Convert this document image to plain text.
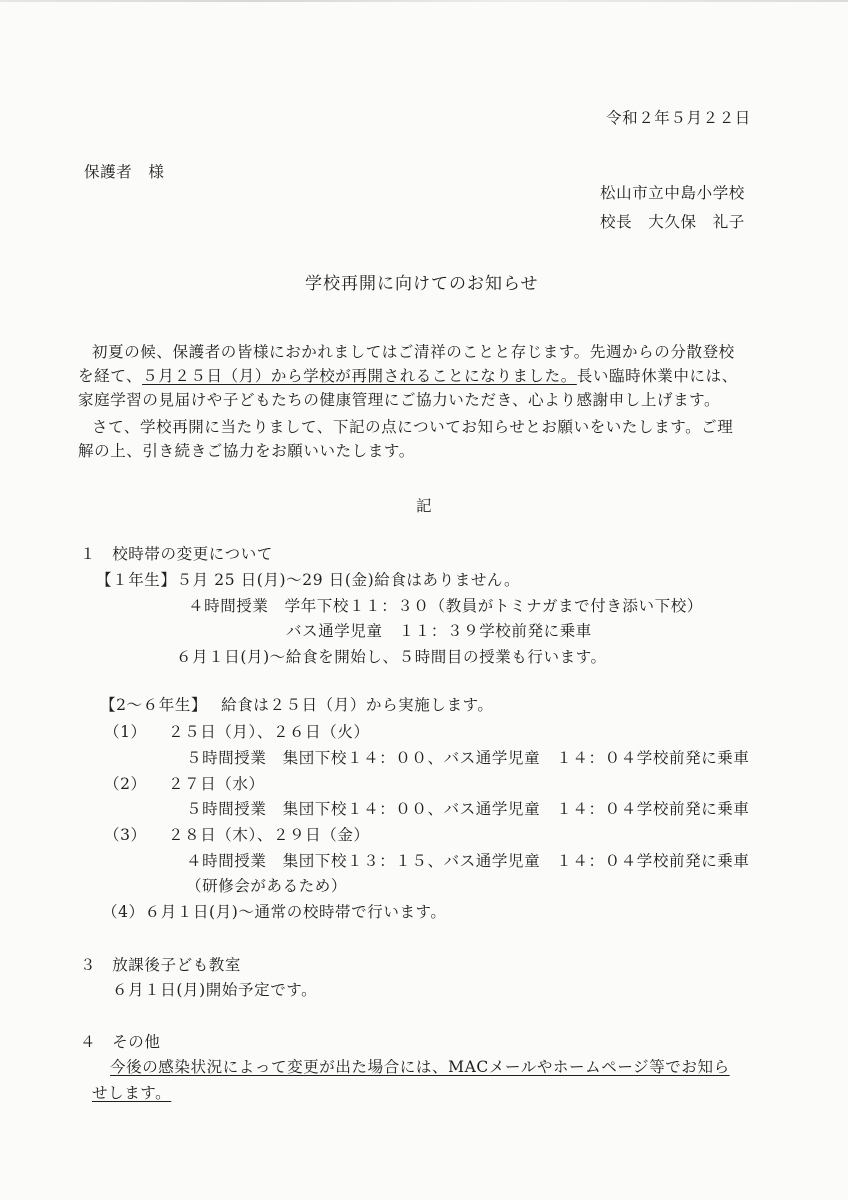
令和２年５月２２日
保護者　様
松山市立中島小学校
校長　大久保　礼子
学校再開に向けてのお知らせ
初夏の候、保護者の皆様におかれましてはご清祥のことと存じます。先週からの分散登校
を経て、５月２５日（月）から学校が再開されることになりました。長い臨時休業中には、
家庭学習の見届けや子どもたちの健康管理にご協力いただき、心より感謝申し上げます。
さて、学校再開に当たりまして、下記の点についてお知らせとお願いをいたします。ご理
解の上、引き続きご協力をお願いいたします。
記
１　校時帯の変更について
【１年生】５月 25 日(月)～29 日(金)給食はありません。
４時間授業　学年下校１１：３０（教員がトミナガまで付き添い下校）
バス通学児童　１１：３９学校前発に乗車
６月１日(月)～給食を開始し、５時間目の授業も行います。
【2～６年生】 給食は２５日（月）から実施します。
（1） ２５日（月）、２６日（火）
５時間授業　集団下校１４：００、バス通学児童　１４：０４学校前発に乗車
（2） ２７日（水）
５時間授業　集団下校１４：００、バス通学児童　１４：０４学校前発に乗車
（3） ２８日（木）、２９日（金）
４時間授業　集団下校１３：１５、バス通学児童　１４：０４学校前発に乗車
（研修会があるため）
（4）６月１日(月)～通常の校時帯で行います。
３　放課後子ども教室
６月１日(月)開始予定です。
４　その他
今後の感染状況によって変更が出た場合には、MACメールやホームページ等でお知ら
せします。
